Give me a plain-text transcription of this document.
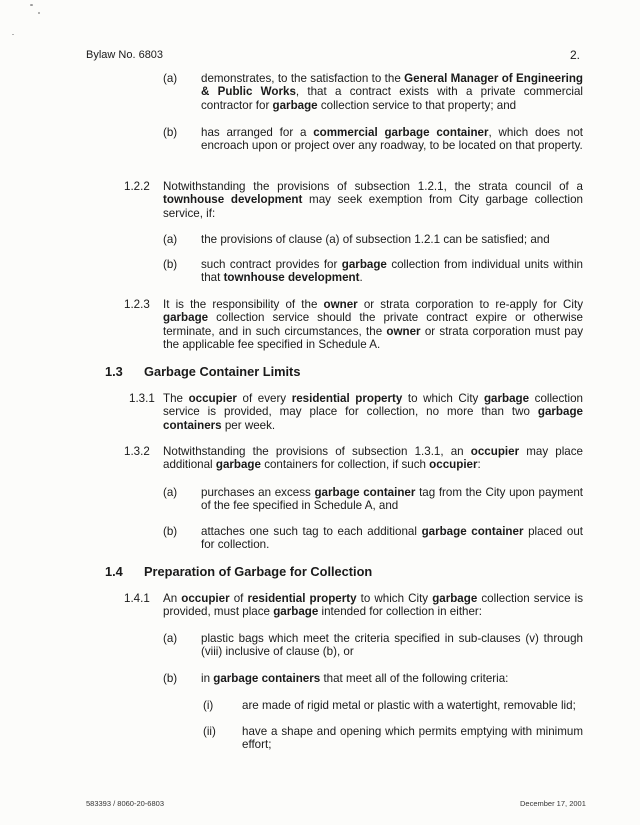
Bylaw No. 6803	2.
(a) demonstrates, to the satisfaction to the General Manager of Engineering & Public Works, that a contract exists with a private commercial contractor for garbage collection service to that property; and
(b) has arranged for a commercial garbage container, which does not encroach upon or project over any roadway, to be located on that property.
1.2.2 Notwithstanding the provisions of subsection 1.2.1, the strata council of a townhouse development may seek exemption from City garbage collection service, if:
(a) the provisions of clause (a) of subsection 1.2.1 can be satisfied; and
(b) such contract provides for garbage collection from individual units within that townhouse development.
1.2.3 It is the responsibility of the owner or strata corporation to re-apply for City garbage collection service should the private contract expire or otherwise terminate, and in such circumstances, the owner or strata corporation must pay the applicable fee specified in Schedule A.
1.3 Garbage Container Limits
1.3.1 The occupier of every residential property to which City garbage collection service is provided, may place for collection, no more than two garbage containers per week.
1.3.2 Notwithstanding the provisions of subsection 1.3.1, an occupier may place additional garbage containers for collection, if such occupier:
(a) purchases an excess garbage container tag from the City upon payment of the fee specified in Schedule A, and
(b) attaches one such tag to each additional garbage container placed out for collection.
1.4 Preparation of Garbage for Collection
1.4.1 An occupier of residential property to which City garbage collection service is provided, must place garbage intended for collection in either:
(a) plastic bags which meet the criteria specified in sub-clauses (v) through (viii) inclusive of clause (b), or
(b) in garbage containers that meet all of the following criteria:
(i) are made of rigid metal or plastic with a watertight, removable lid;
(ii) have a shape and opening which permits emptying with minimum effort;
583393 / 8060-20-6803	December 17, 2001
